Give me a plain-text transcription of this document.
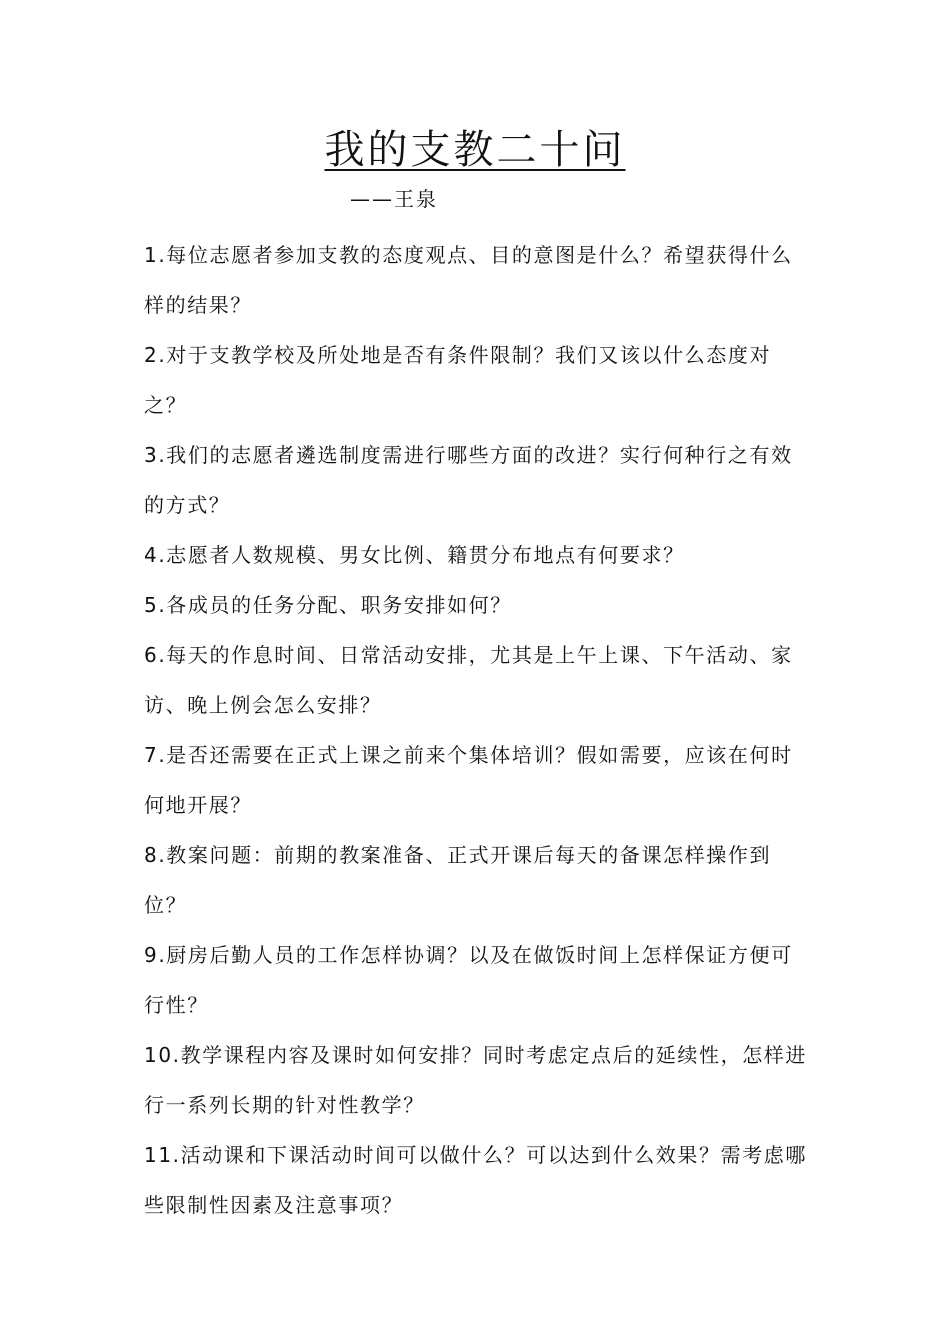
我的支教二十问
——王泉
1.每位志愿者参加支教的态度观点、目的意图是什么？希望获得什么样的结果？
2.对于支教学校及所处地是否有条件限制？我们又该以什么态度对之？
3.我们的志愿者遴选制度需进行哪些方面的改进？实行何种行之有效的方式？
4.志愿者人数规模、男女比例、籍贯分布地点有何要求？
5.各成员的任务分配、职务安排如何？
6.每天的作息时间、日常活动安排，尤其是上午上课、下午活动、家访、晚上例会怎么安排？
7.是否还需要在正式上课之前来个集体培训？假如需要，应该在何时何地开展？
8.教案问题：前期的教案准备、正式开课后每天的备课怎样操作到位？
9.厨房后勤人员的工作怎样协调？以及在做饭时间上怎样保证方便可行性？
10.教学课程内容及课时如何安排？同时考虑定点后的延续性，怎样进行一系列长期的针对性教学？
11.活动课和下课活动时间可以做什么？可以达到什么效果？需考虑哪些限制性因素及注意事项？
